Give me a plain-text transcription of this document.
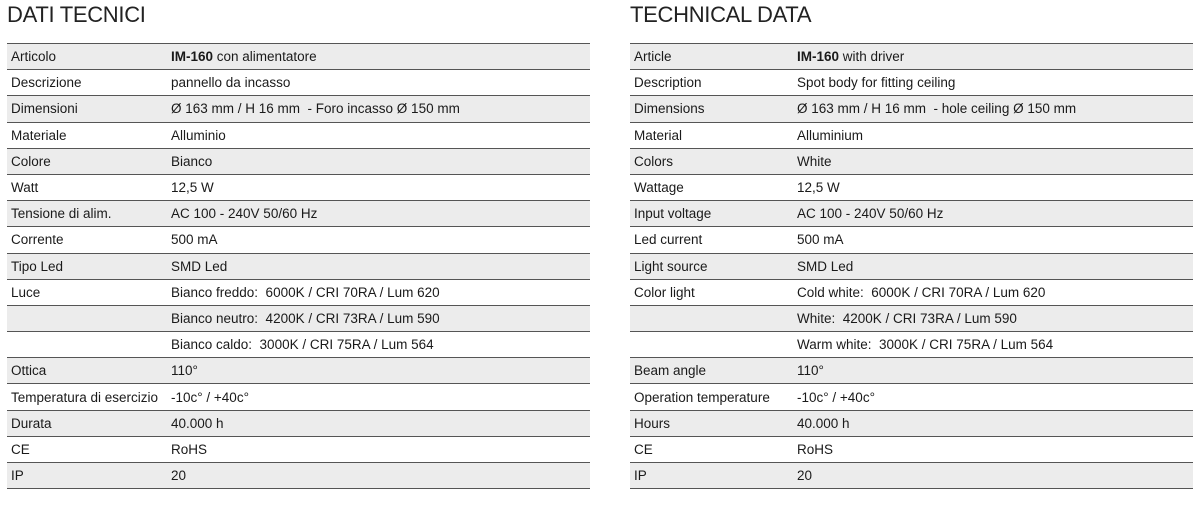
DATI TECNICI
Articolo	IM-160 con alimentatore
Descrizione	pannello da incasso
Dimensioni	Ø 163 mm / H 16 mm  - Foro incasso Ø 150 mm
Materiale	Alluminio
Colore	Bianco
Watt	12,5 W
Tensione di alim.	AC 100 - 240V 50/60 Hz
Corrente	500 mA
Tipo Led	SMD Led
Luce	Bianco freddo:  6000K / CRI 70RA / Lum 620
Bianco neutro:  4200K / CRI 73RA / Lum 590
Bianco caldo:  3000K / CRI 75RA / Lum 564
Ottica	110°
Temperatura di esercizio -10c° / +40c°
Durata	40.000 h
CE	RoHS
IP	20
TECHNICAL DATA
Article	IM-160 with driver
Description	Spot body for fitting ceiling
Dimensions	Ø 163 mm / H 16 mm  - hole ceiling Ø 150 mm
Material	Alluminium
Colors	White
Wattage	12,5 W
Input voltage	AC 100 - 240V 50/60 Hz
Led current	500 mA
Light source	SMD Led
Color light	Cold white:  6000K / CRI 70RA / Lum 620
White:  4200K / CRI 73RA / Lum 590
Warm white:  3000K / CRI 75RA / Lum 564
Beam angle	110°
Operation temperature	-10c° / +40c°
Hours	40.000 h
CE	RoHS
IP	20
